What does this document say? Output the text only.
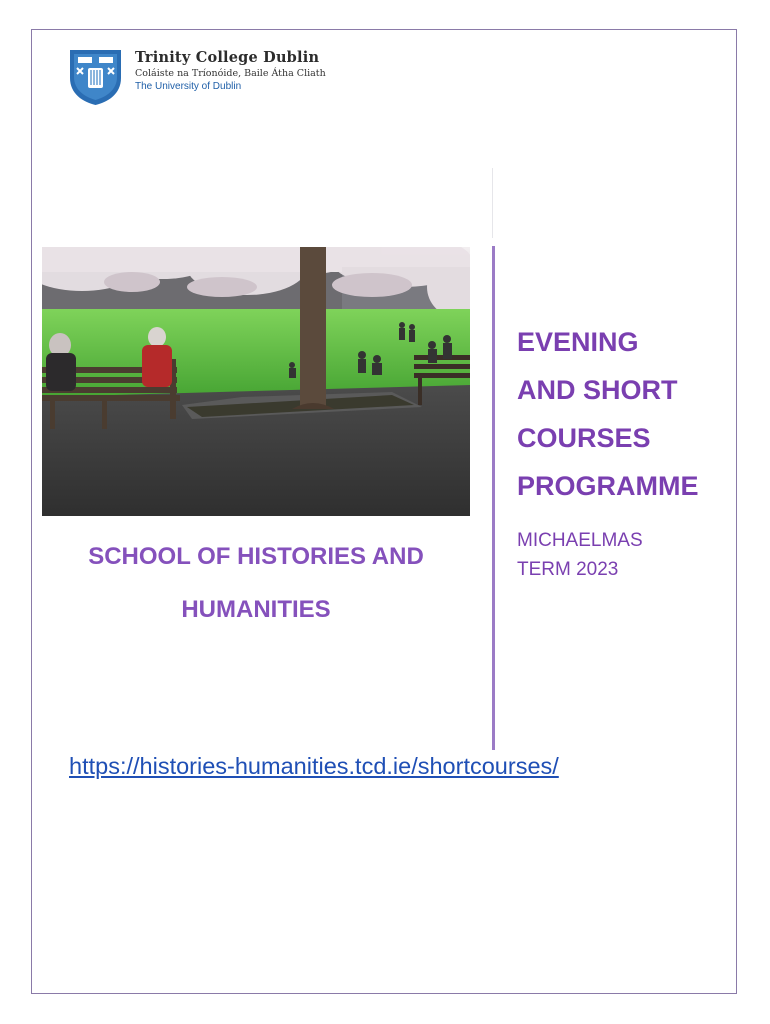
Trinity College Dublin
Coláiste na Tríonóide, Baile Átha Cliath
The University of Dublin
SCHOOL OF HISTORIES AND HUMANITIES
EVENING
AND SHORT
COURSES
PROGRAMME
MICHAELMAS
TERM 2023
https://histories-humanities.tcd.ie/shortcourses/
